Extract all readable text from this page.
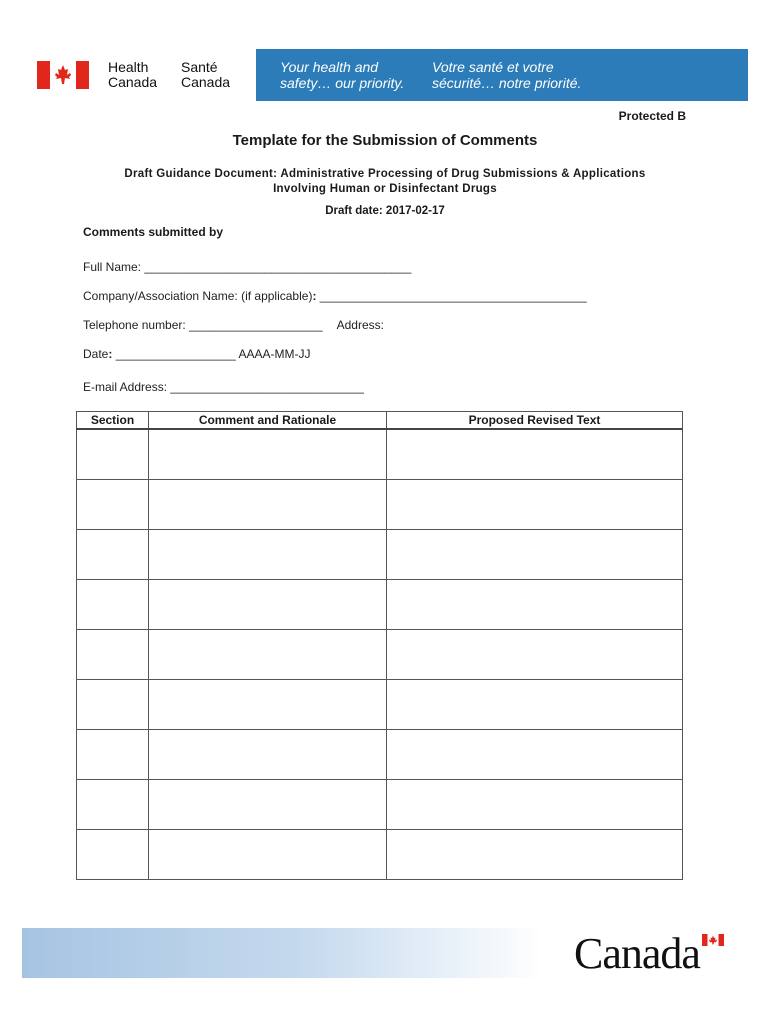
Health
Canada
Santé
Canada
Your health and
safety… our priority.
Votre santé et votre
sécurité… notre priorité.
Protected B
Template for the Submission of Comments
Draft Guidance Document: Administrative Processing of Drug Submissions & Applications
Involving Human or Disinfectant Drugs
Draft date: 2017-02-17
Comments submitted by
Full Name: ________________________________________
Company/Association Name: (if applicable): ________________________________________
Telephone number: ____________________ Address:
Date: __________________ AAAA-MM-JJ
E-mail Address: _____________________________
Section	Comment and Rationale	Proposed Revised Text

Canada
